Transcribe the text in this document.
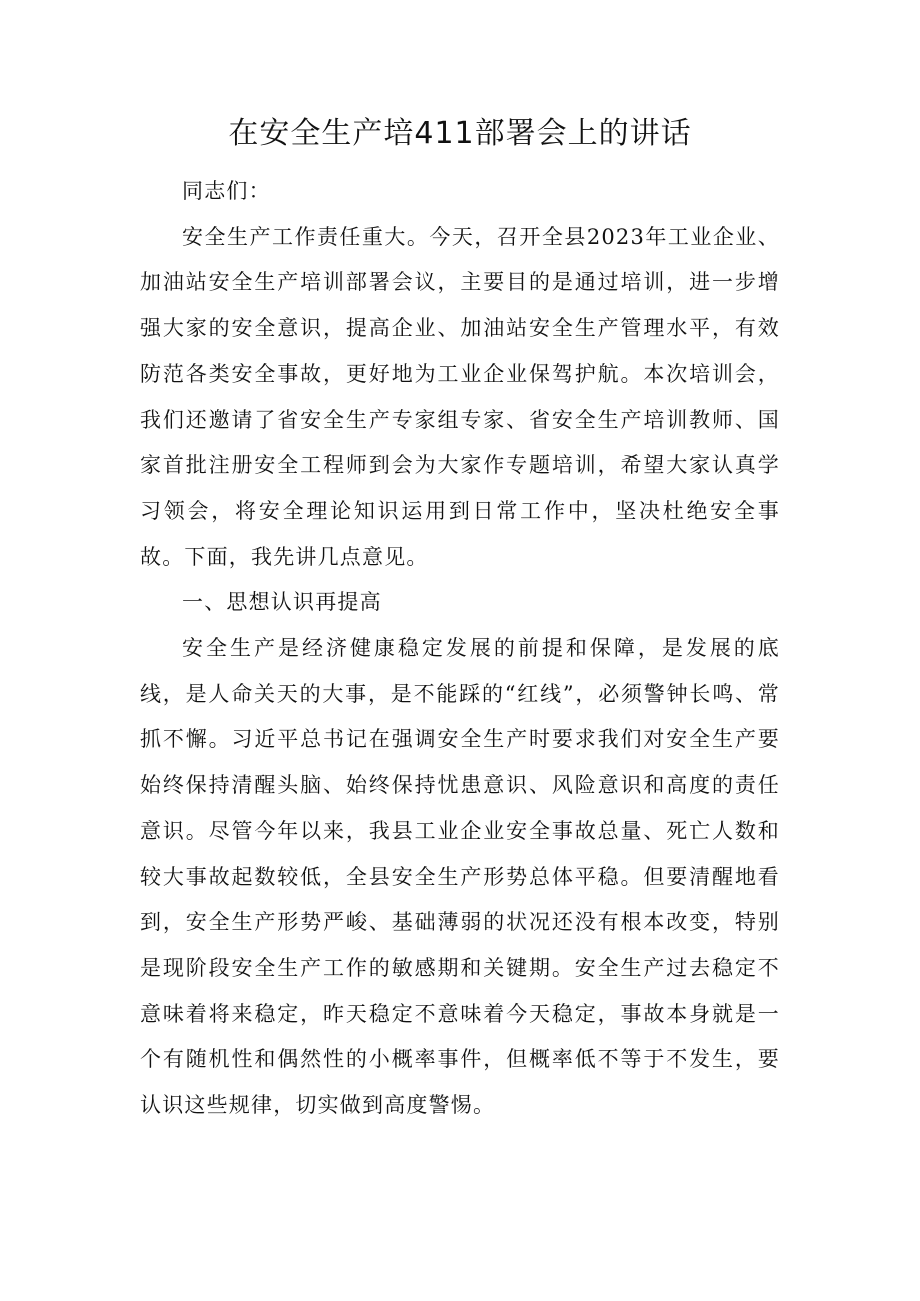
在安全生产培411部署会上的讲话

同志们：

安全生产工作责任重大。今天，召开全县2023年工业企业、加油站安全生产培训部署会议，主要目的是通过培训，进一步增强大家的安全意识，提高企业、加油站安全生产管理水平，有效防范各类安全事故，更好地为工业企业保驾护航。本次培训会，我们还邀请了省安全生产专家组专家、省安全生产培训教师、国家首批注册安全工程师到会为大家作专题培训，希望大家认真学习领会，将安全理论知识运用到日常工作中，坚决杜绝安全事故。下面，我先讲几点意见。

一、思想认识再提高

安全生产是经济健康稳定发展的前提和保障，是发展的底线，是人命关天的大事，是不能踩的“红线”，必须警钟长鸣、常抓不懈。习近平总书记在强调安全生产时要求我们对安全生产要始终保持清醒头脑、始终保持忧患意识、风险意识和高度的责任意识。尽管今年以来，我县工业企业安全事故总量、死亡人数和较大事故起数较低，全县安全生产形势总体平稳。但要清醒地看到，安全生产形势严峻、基础薄弱的状况还没有根本改变，特别是现阶段安全生产工作的敏感期和关键期。安全生产过去稳定不意味着将来稳定，昨天稳定不意味着今天稳定，事故本身就是一个有随机性和偶然性的小概率事件，但概率低不等于不发生，要认识这些规律，切实做到高度警惕。
